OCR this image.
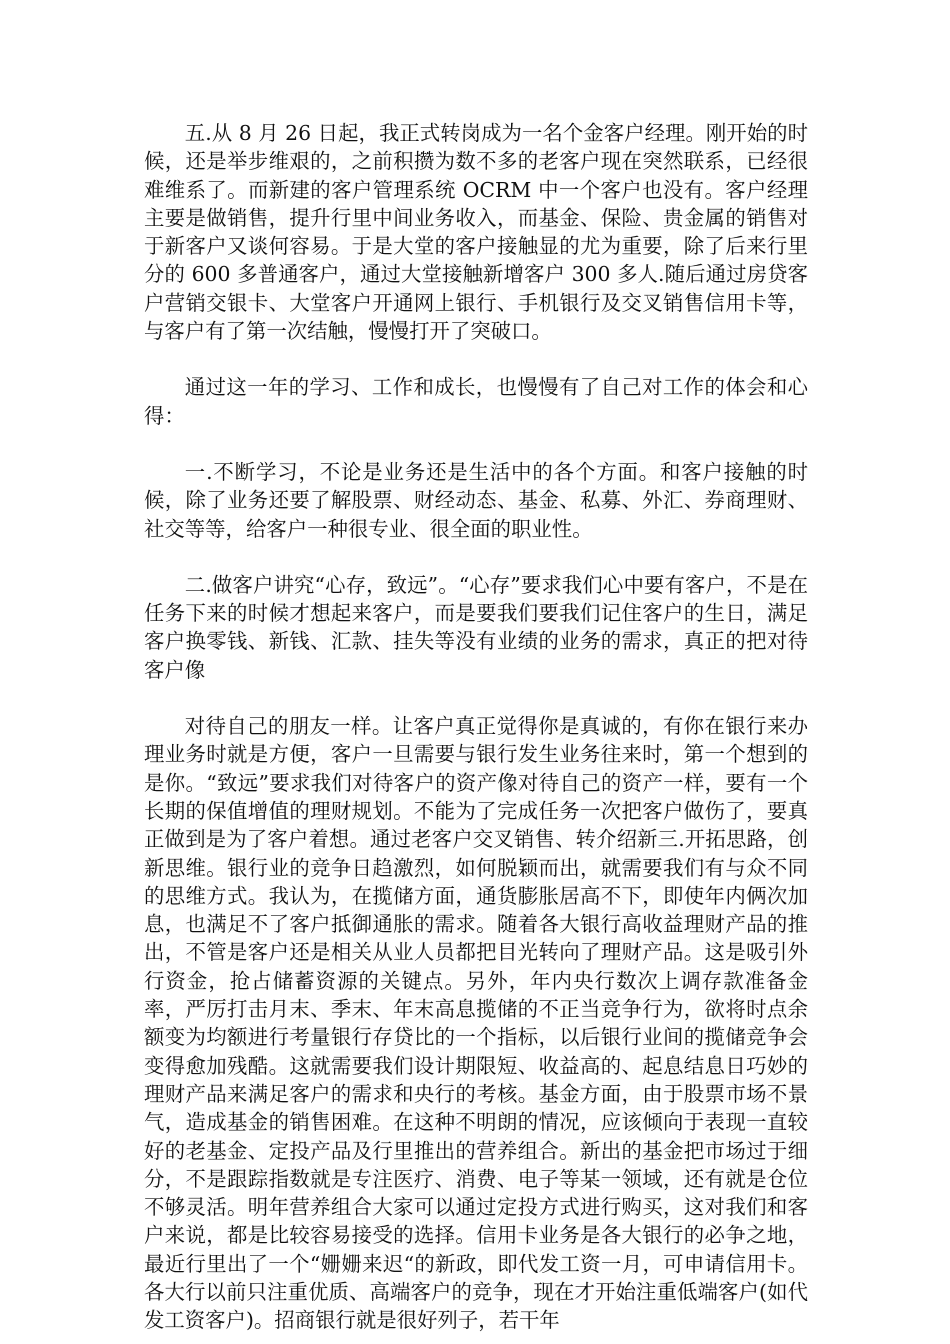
五.从 8 月 26 日起，我正式转岗成为一名个金客户经理。刚开始的时候，还是举步维艰的，之前积攒为数不多的老客户现在突然联系，已经很难维系了。而新建的客户管理系统 OCRM 中一个客户也没有。客户经理主要是做销售，提升行里中间业务收入，而基金、保险、贵金属的销售对于新客户又谈何容易。于是大堂的客户接触显的尤为重要，除了后来行里分的 600 多普通客户，通过大堂接触新增客户 300 多人.随后通过房贷客户营销交银卡、大堂客户开通网上银行、手机银行及交叉销售信用卡等，与客户有了第一次结触，慢慢打开了突破口。

通过这一年的学习、工作和成长，也慢慢有了自己对工作的体会和心得：

一.不断学习，不论是业务还是生活中的各个方面。和客户接触的时候，除了业务还要了解股票、财经动态、基金、私募、外汇、券商理财、社交等等，给客户一种很专业、很全面的职业性。

二.做客户讲究“心存，致远”。“心存”要求我们心中要有客户，不是在任务下来的时候才想起来客户，而是要我们要我们记住客户的生日，满足客户换零钱、新钱、汇款、挂失等没有业绩的业务的需求，真正的把对待客户像

对待自己的朋友一样。让客户真正觉得你是真诚的，有你在银行来办理业务时就是方便，客户一旦需要与银行发生业务往来时，第一个想到的是你。“致远”要求我们对待客户的资产像对待自己的资产一样，要有一个长期的保值增值的理财规划。不能为了完成任务一次把客户做伤了，要真正做到是为了客户着想。通过老客户交叉销售、转介绍新三.开拓思路，创新思维。银行业的竞争日趋激烈，如何脱颖而出，就需要我们有与众不同的思维方式。我认为，在揽储方面，通货膨胀居高不下，即使年内俩次加息，也满足不了客户抵御通胀的需求。随着各大银行高收益理财产品的推出，不管是客户还是相关从业人员都把目光转向了理财产品。这是吸引外行资金，抢占储蓄资源的关键点。另外，年内央行数次上调存款准备金率，严厉打击月末、季末、年末高息揽储的不正当竞争行为，欲将时点余额变为均额进行考量银行存贷比的一个指标，以后银行业间的揽储竞争会变得愈加残酷。这就需要我们设计期限短、收益高的、起息结息日巧妙的理财产品来满足客户的需求和央行的考核。基金方面，由于股票市场不景气，造成基金的销售困难。在这种不明朗的情况，应该倾向于表现一直较好的老基金、定投产品及行里推出的营养组合。新出的基金把市场过于细分，不是跟踪指数就是专注医疗、消费、电子等某一领域，还有就是仓位不够灵活。明年营养组合大家可以通过定投方式进行购买，这对我们和客户来说，都是比较容易接受的选择。信用卡业务是各大银行的必争之地，最近行里出了一个“姗姗来迟“的新政，即代发工资一月，可申请信用卡。各大行以前只注重优质、高端客户的竞争，现在才开始注重低端客户(如代发工资客户)。招商银行就是很好列子，若干年
